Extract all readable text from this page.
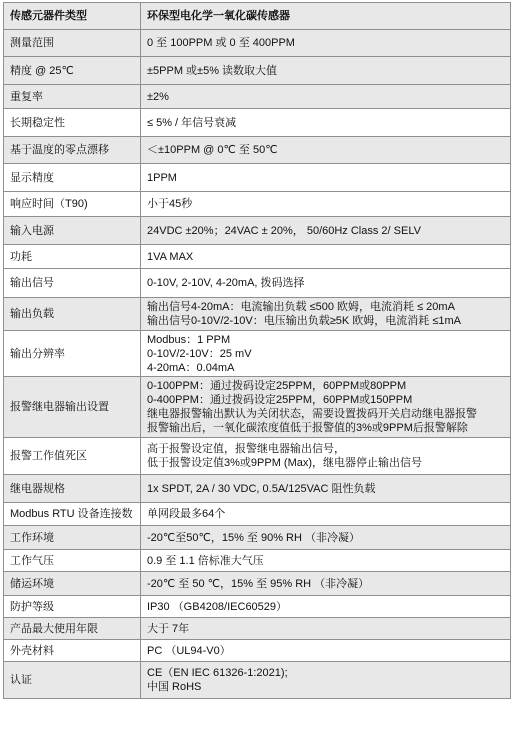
传感元器件类型	环保型电化学一氧化碳传感器

测量范围	0 至 100PPM 或 0 至 400PPM

精度 @ 25℃	±5PPM 或±5% 读数取大值

重复率	±2%

长期稳定性	≤ 5% / 年信号衰减

基于温度的零点漂移	＜±10PPM @ 0℃ 至 50℃

显示精度	1PPM

响应时间（T90)	小于45秒

输入电源	24VDC ±20%；24VAC ± 20%， 50/60Hz Class 2/ SELV

功耗	1VA MAX

输出信号	0-10V, 2-10V, 4-20mA, 拨码选择

输出负载	输出信号4-20mA：电流输出负载 ≤500 欧姆，电流消耗 ≤ 20mA
输出信号0-10V/2-10V：电压输出负载≥5K 欧姆，电流消耗 ≤1mA

输出分辨率	Modbus：1 PPM
0-10V/2-10V：25 mV
4-20mA：0.04mA

报警继电器输出设置	0-100PPM：通过拨码设定25PPM，60PPM或80PPM
0-400PPM：通过拨码设定25PPM，60PPM或150PPM
继电器报警输出默认为关闭状态，需要设置拨码开关启动继电器报警
报警输出后，一氧化碳浓度值低于报警值的3%或9PPM后报警解除

报警工作值死区	高于报警设定值，报警继电器输出信号，
低于报警设定值3%或9PPM (Max)，继电器停止输出信号

继电器规格	1x SPDT, 2A / 30 VDC, 0.5A/125VAC 阻性负载

Modbus RTU 设备连接数	单网段最多64个

工作环境	-20℃至50℃，15% 至 90% RH （非冷凝）

工作气压	0.9 至 1.1 倍标准大气压

储运环境	-20℃ 至 50 ℃，15% 至 95% RH （非冷凝）

防护等级	IP30 （GB4208/IEC60529）

产品最大使用年限	大于 7年

外壳材料	PC （UL94-V0）

认证	CE（EN IEC 61326-1:2021);
中国 RoHS
